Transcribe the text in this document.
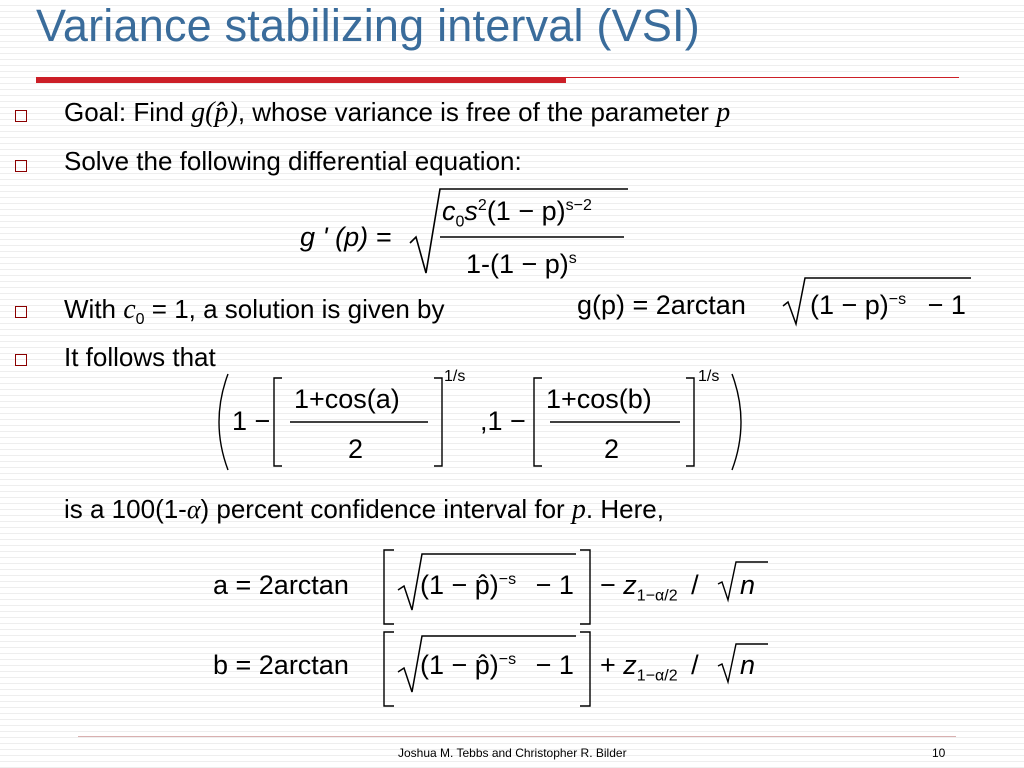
Variance stabilizing interval (VSI)
Goal: Find g(p̂), whose variance is free of the parameter p
Solve the following differential equation:
g ' (p) =
$c_0s^2(1 - p)^{s-2}$
$1-(1 - p)^s$
With $c_0 = 1$, a solution is given by	g(p) = 2arctan $(1 - p)^{-s} - 1$
It follows that
1 −
1+cos(a)
2
1/s
,1 −
1+cos(b)
2
1/s
is a 100(1-α) percent confidence interval for p. Here,
a = 2arctan	(1 − p̂)$^{-s}$ − $1 - z_{1-\alpha/2} / n$
b = 2arctan	(1 − p̂)$^{-s}$ − $1 + z_{1-\alpha/2} / n$
Joshua M. Tebbs and Christopher R. Bilder	10
